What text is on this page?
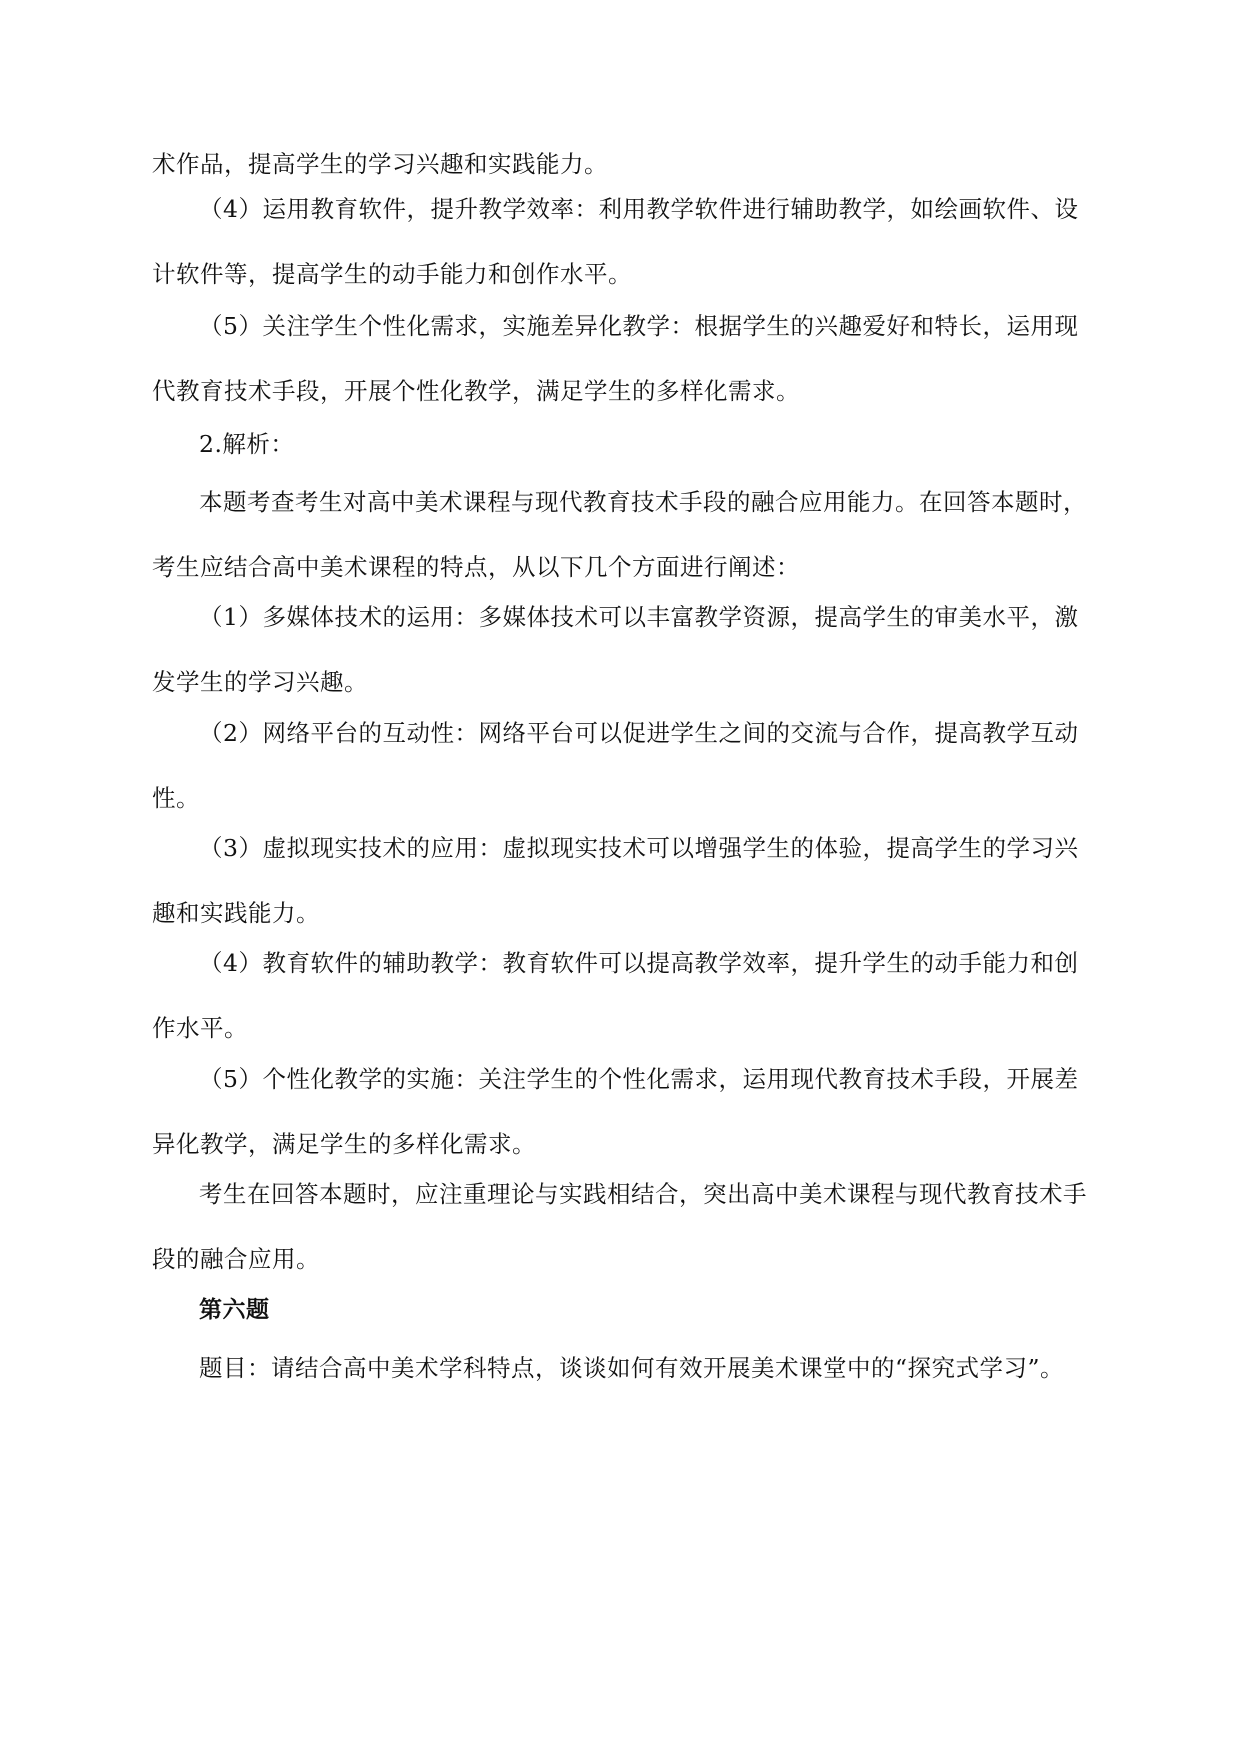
术作品，提高学生的学习兴趣和实践能力。

（4）运用教育软件，提升教学效率：利用教学软件进行辅助教学，如绘画软件、设计软件等，提高学生的动手能力和创作水平。

（5）关注学生个性化需求，实施差异化教学：根据学生的兴趣爱好和特长，运用现代教育技术手段，开展个性化教学，满足学生的多样化需求。

2.解析：

本题考查考生对高中美术课程与现代教育技术手段的融合应用能力。在回答本题时，考生应结合高中美术课程的特点，从以下几个方面进行阐述：

（1）多媒体技术的运用：多媒体技术可以丰富教学资源，提高学生的审美水平，激发学生的学习兴趣。

（2）网络平台的互动性：网络平台可以促进学生之间的交流与合作，提高教学互动性。

（3）虚拟现实技术的应用：虚拟现实技术可以增强学生的体验，提高学生的学习兴趣和实践能力。

（4）教育软件的辅助教学：教育软件可以提高教学效率，提升学生的动手能力和创作水平。

（5）个性化教学的实施：关注学生的个性化需求，运用现代教育技术手段，开展差异化教学，满足学生的多样化需求。

考生在回答本题时，应注重理论与实践相结合，突出高中美术课程与现代教育技术手段的融合应用。

第六题

题目：请结合高中美术学科特点，谈谈如何有效开展美术课堂中的“探究式学习”。
